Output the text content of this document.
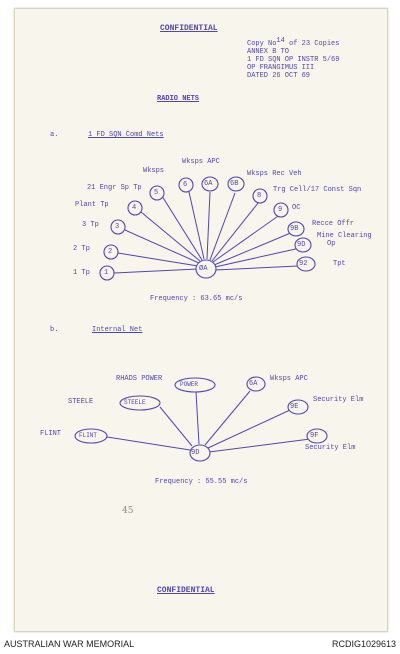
CONFIDENTIAL
Copy No14 of 23 Copies
ANNEX B TO
1 FD SQN OP INSTR 5/69
OP FRANGIMUS III
DATED 26 OCT 69
RADIO NETS
a.	1 FD SQN Comd Nets
ØA
1
2
3
4
5
6 6A	6B
8
9
9B
9D
92
1 Tp
2 Tp
3 Tp
Plant Tp
21 Engr Sp Tp
Wksps
Wksps APC
Wksps Rec Veh
Trg Cell/17 Const Sqn
OC
Recce Offr
Mine Clearing
Op
Tpt
Frequency : 63.65 mc/s
b.	Internal Net
9D
FLINT
STEELE
POWER	6A
9E
9F
FLINT
STEELE
RHADS POWER	Wksps APC
Security Elm
Security Elm
Frequency : 55.55 mc/s
45
CONFIDENTIAL
AUSTRALIAN WAR MEMORIAL	RCDIG1029613
